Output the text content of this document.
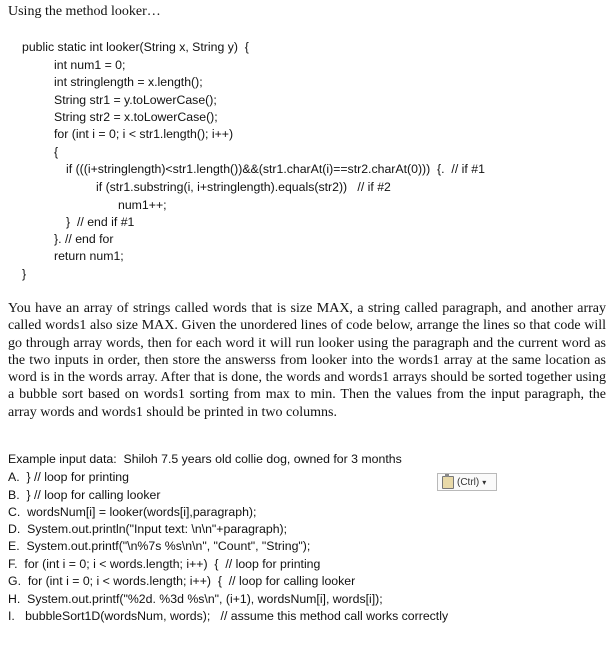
Using the method looker…
public static int looker(String x, String y)  {
int num1 = 0;
int stringlength = x.length();
String str1 = y.toLowerCase();
String str2 = x.toLowerCase();
for (int i = 0; i < str1.length(); i++)
{
if (((i+stringlength)<str1.length())&&(str1.charAt(i)==str2.charAt(0)))  {.  // if #1
if (str1.substring(i, i+stringlength).equals(str2))   // if #2
num1++;
}  // end if #1
}. // end for
return num1;
}

You have an array of strings called words that is size MAX, a string called paragraph, and another array called words1 also size MAX. Given the unordered lines of code below, arrange the lines so that code will go through array words, then for each word it will run looker using the paragraph and the current word as the two inputs in order, then store the answerss from looker into the words1 array at the same location as word is in the words array. After that is done, the words and words1 arrays should be sorted together using a bubble sort based on words1 sorting from max to min. Then the values from the input paragraph, the array words and words1 should be printed in two columns.

Example input data:  Shiloh 7.5 years old collie dog, owned for 3 months
A.  } // loop for printing
B.  } // loop for calling looker
C.  wordsNum[i] = looker(words[i],paragraph);
D.  System.out.println("Input text: \n\n"+paragraph);
E.  System.out.printf("\n%7s %s\n\n", "Count", "String");
F.  for (int i = 0; i < words.length; i++)  {  // loop for printing
G.  for (int i = 0; i < words.length; i++)  {  // loop for calling looker
H.  System.out.printf("%2d. %3d %s\n", (i+1), wordsNum[i], words[i]);
I.   bubbleSort1D(wordsNum, words);   // assume this method call works correctly
(Ctrl) ▾
